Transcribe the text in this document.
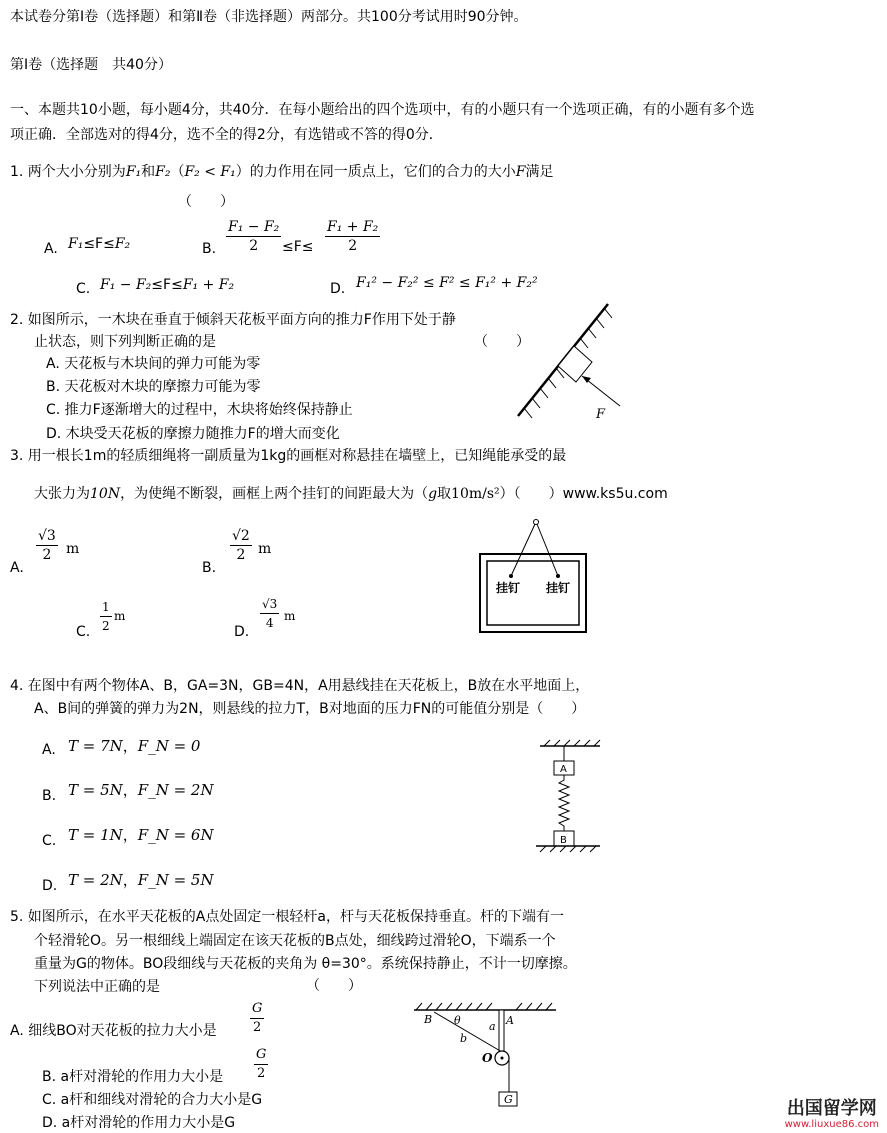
本试卷分第Ⅰ卷（选择题）和第Ⅱ卷（非选择题）两部分。共100分考试用时90分钟。
第Ⅰ卷（选择题　共40分）
一、本题共10小题，每小题4分，共40分．在每小题给出的四个选项中，有的小题只有一个选项正确，有的小题有多个选
项正确．全部选对的得4分，选不全的得2分，有选错或不答的得0分．
1. 两个大小分别为F₁和F₂（F₂ < F₁）的力作用在同一质点上，它们的合力的大小F满足
（　　）
A. F₁≤F≤F₂	B. $\frac{\text{F₁ − F₂}}{2} \le F\le \frac{\text{F₁ + F₂}}{2}$
C. F₁ − F₂≤F≤F₁ + F₂	D. F₁² − F₂² ≤ F² ≤ F₁² + F₂²
2. 如图所示，一木块在垂直于倾斜天花板平面方向的推力F作用下处于静
止状态，则下列判断正确的是	（　　）
A. 天花板与木块间的弹力可能为零
B. 天花板对木块的摩擦力可能为零
C. 推力F逐渐增大的过程中，木块将始终保持静止
D. 木块受天花板的摩擦力随推力F的增大而变化
F
3. 用一根长1m的轻质细绳将一副质量为1kg的画框对称悬挂在墙壁上，已知绳能承受的最
大张力为10N，为使绳不断裂，画框上两个挂钉的间距最大为（g取10m/s²）（　　）www.ks5u.com
A.
$\frac{√3}{2}$ m
B.
$\frac{√2}{2}$ m
C. $\frac{1}{2}$ m
D. $\frac{√3}{4}$ m
挂钉 挂钉
4. 在图中有两个物体A、B，GA=3N，GB=4N，A用悬线挂在天花板上，B放在水平地面上，
A、B间的弹簧的弹力为2N，则悬线的拉力T，B对地面的压力FN的可能值分别是（　　）
A. T = 7N，F_N = 0
B. T = 5N，F_N = 2N
C. T = 1N，F_N = 6N
D. T = 2N，F_N = 5N
A
B
5. 如图所示，在水平天花板的A点处固定一根轻杆a，杆与天花板保持垂直。杆的下端有一
个轻滑轮O。另一根细线上端固定在该天花板的B点处，细线跨过滑轮O，下端系一个
重量为G的物体。BO段细线与天花板的夹角为 θ=30°。系统保持静止，不计一切摩擦。
下列说法中正确的是	（　　）
A. 细线BO对天花板的拉力大小是	$\frac{G}{2}$
B. a杆对滑轮的作用力大小是 $\frac{G}{2}$
C. a杆和细线对滑轮的合力大小是G
D. a杆对滑轮的作用力大小是G
G
B θ	a A
b
O
出国留学网
www.liuxue86.com
